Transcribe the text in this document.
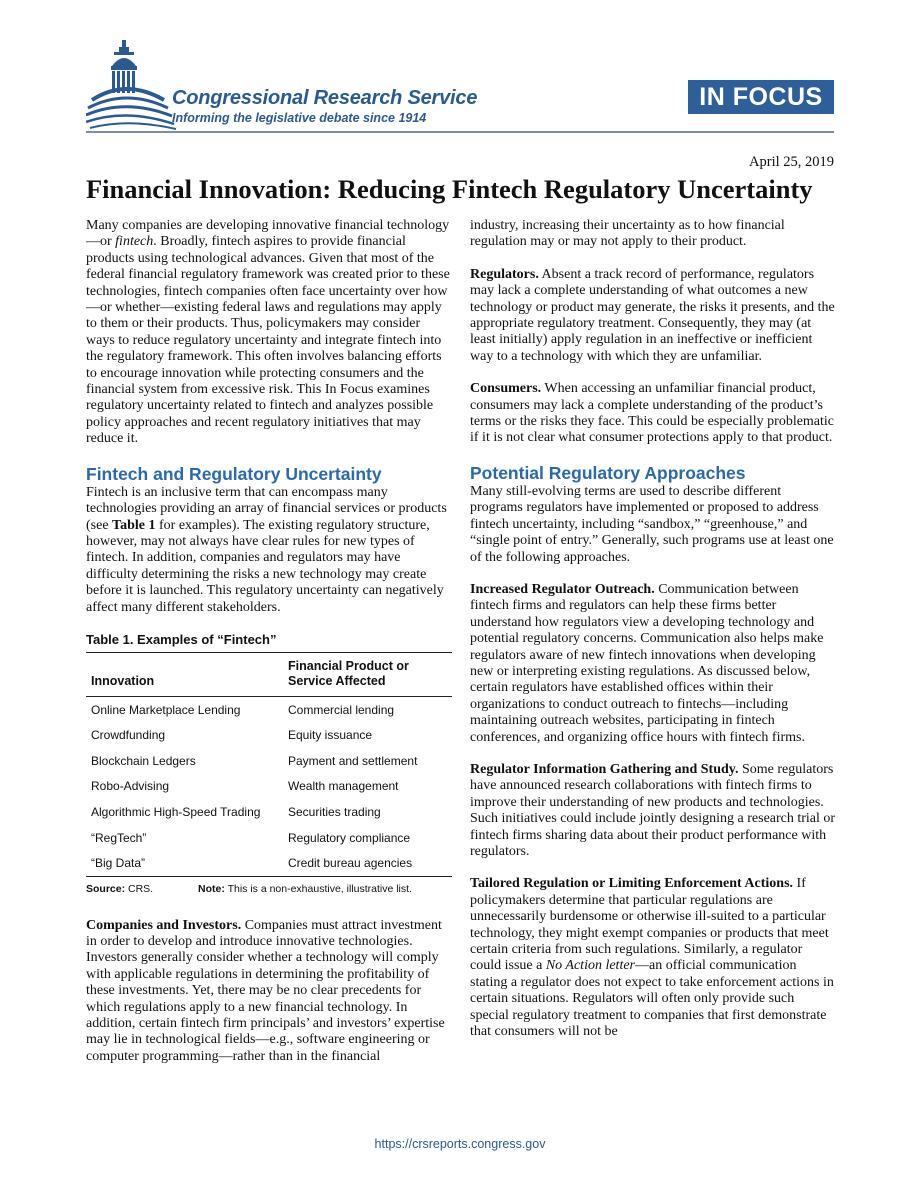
Congressional Research Service
Informing the legislative debate since 1914
IN FOCUS
April 25, 2019
Financial Innovation: Reducing Fintech Regulatory Uncertainty

Many companies are developing innovative financial technology—or fintech. Broadly, fintech aspires to provide financial products using technological advances. Given that most of the federal financial regulatory framework was created prior to these technologies, fintech companies often face uncertainty over how—or whether—existing federal laws and regulations may apply to them or their products. Thus, policymakers may consider ways to reduce regulatory uncertainty and integrate fintech into the regulatory framework. This often involves balancing efforts to encourage innovation while protecting consumers and the financial system from excessive risk. This In Focus examines regulatory uncertainty related to fintech and analyzes possible policy approaches and recent regulatory initiatives that may reduce it.

Fintech and Regulatory Uncertainty

Fintech is an inclusive term that can encompass many technologies providing an array of financial services or products (see Table 1 for examples). The existing regulatory structure, however, may not always have clear rules for new types of fintech. In addition, companies and regulators may have difficulty determining the risks a new technology may create before it is launched. This regulatory uncertainty can negatively affect many different stakeholders.

Table 1. Examples of “Fintech”
Innovation	Financial Product or Service Affected
Online Marketplace Lending	Commercial lending
Crowdfunding	Equity issuance
Blockchain Ledgers	Payment and settlement
Robo-Advising	Wealth management
Algorithmic High-Speed Trading	Securities trading
“RegTech”	Regulatory compliance
“Big Data”	Credit bureau agencies
Source: CRS.	Note: This is a non-exhaustive, illustrative list.

Companies and Investors. Companies must attract investment in order to develop and introduce innovative technologies. Investors generally consider whether a technology will comply with applicable regulations in determining the profitability of these investments. Yet, there may be no clear precedents for which regulations apply to a new financial technology. In addition, certain fintech firm principals’ and investors’ expertise may lie in technological fields—e.g., software engineering or computer programming—rather than in the financial

industry, increasing their uncertainty as to how financial regulation may or may not apply to their product.

Regulators. Absent a track record of performance, regulators may lack a complete understanding of what outcomes a new technology or product may generate, the risks it presents, and the appropriate regulatory treatment. Consequently, they may (at least initially) apply regulation in an ineffective or inefficient way to a technology with which they are unfamiliar.

Consumers. When accessing an unfamiliar financial product, consumers may lack a complete understanding of the product’s terms or the risks they face. This could be especially problematic if it is not clear what consumer protections apply to that product.

Potential Regulatory Approaches

Many still-evolving terms are used to describe different programs regulators have implemented or proposed to address fintech uncertainty, including “sandbox,” “greenhouse,” and “single point of entry.” Generally, such programs use at least one of the following approaches.

Increased Regulator Outreach. Communication between fintech firms and regulators can help these firms better understand how regulators view a developing technology and potential regulatory concerns. Communication also helps make regulators aware of new fintech innovations when developing new or interpreting existing regulations. As discussed below, certain regulators have established offices within their organizations to conduct outreach to fintechs—including maintaining outreach websites, participating in fintech conferences, and organizing office hours with fintech firms.

Regulator Information Gathering and Study. Some regulators have announced research collaborations with fintech firms to improve their understanding of new products and technologies. Such initiatives could include jointly designing a research trial or fintech firms sharing data about their product performance with regulators.

Tailored Regulation or Limiting Enforcement Actions. If policymakers determine that particular regulations are unnecessarily burdensome or otherwise ill-suited to a particular technology, they might exempt companies or products that meet certain criteria from such regulations. Similarly, a regulator could issue a No Action letter—an official communication stating a regulator does not expect to take enforcement actions in certain situations. Regulators will often only provide such special regulatory treatment to companies that first demonstrate that consumers will not be

https://crsreports.congress.gov
